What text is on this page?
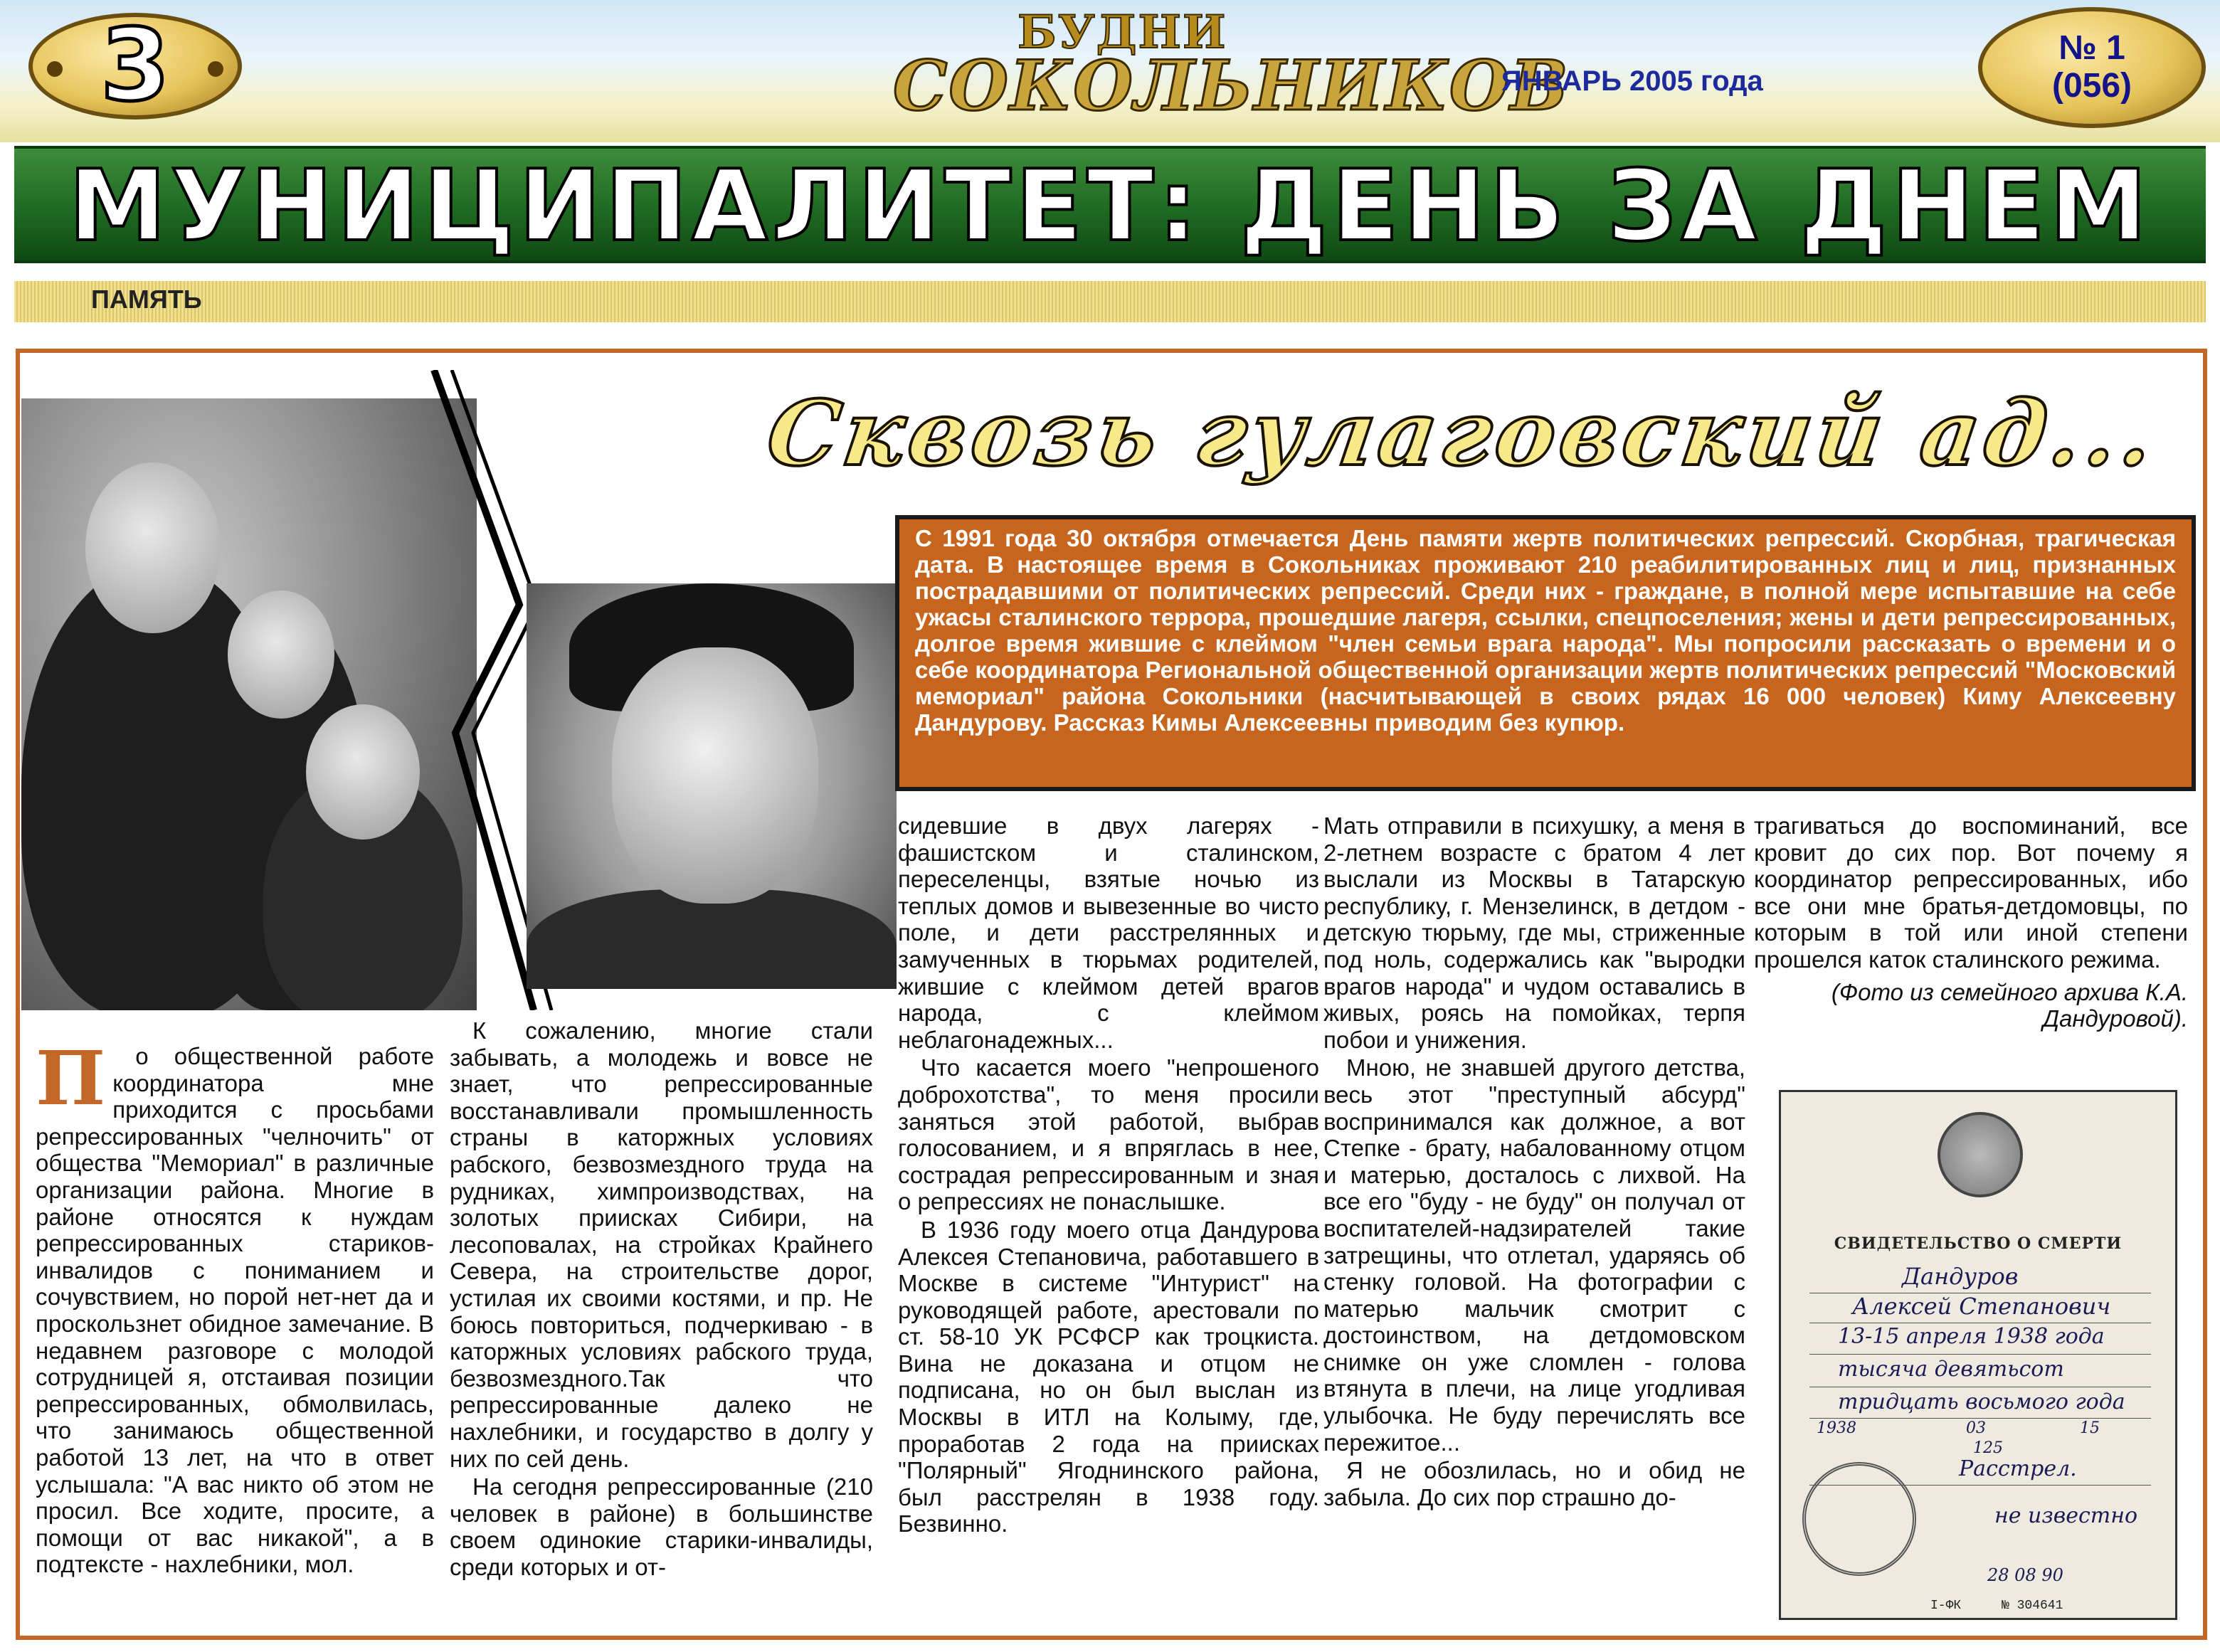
3	БУДНИ
СОКОЛЬНИКОВ
ЯНВАРЬ 2005 года
№ 1
(056)
МУНИЦИПАЛИТЕТ: ДЕНЬ ЗА ДНЕМ
ПАМЯТЬ
Сквозь гулаговский ад...
С 1991 года 30 октября отмечается День памяти жертв политических репрессий. Скорбная, трагическая дата. В настоящее время в Сокольниках проживают 210 реабилитированных лиц и лиц, признанных пострадавшими от политических репрессий. Среди них - граждане, в полной мере испытавшие на себе ужасы сталинского террора, прошедшие лагеря, ссылки, спецпоселения; жены и дети репрессированных, долгое время жившие с клеймом "член семьи врага народа". Мы попросили рассказать о времени и о себе координатора Региональной общественной организации жертв политических репрессий "Московский мемориал" района Сокольники (насчитывающей в своих рядах 16 000 человек) Киму Алексеевну Дандурову. Рассказ Кимы Алексеевны приводим без купюр.
П	о общественной работе координатора мне приходится с просьбами репрессированных "челночить" от общества "Мемориал" в различные организации района. Многие в районе относятся к нуждам репрессированных стариков-инвалидов с пониманием и сочувствием, но порой нет-нет да и проскользнет обидное замечание. В недавнем разговоре с молодой сотрудницей я, отстаивая позиции репрессированных, обмолвилась, что занимаюсь общественной работой 13 лет, на что в ответ услышала: "А вас никто об этом не просил. Все ходите, просите, а помощи от вас никакой", а в подтексте - нахлебники, мол.

К сожалению, многие стали забывать, а молодежь и вовсе не знает, что репрессированные восстанавливали промышленность страны в каторжных условиях рабского, безвозмездного труда на рудниках, химпроизводствах, на золотых приисках Сибири, на лесоповалах, на стройках Крайнего Севера, на строительстве дорог, устилая их своими костями, и пр. Не боюсь повториться, подчеркиваю - в каторжных условиях рабского труда, безвозмездного.Так что репрессированные далеко не нахлебники, и государство в долгу у них по сей день.

На сегодня репрессированные (210 человек в районе) в большинстве своем одинокие старики-инвалиды, среди которых и от-

сидевшие в двух лагерях - фашистском и сталинском, переселенцы, взятые ночью из теплых домов и вывезенные во чисто поле, и дети расстрелянных и замученных в тюрьмах родителей, жившие с клеймом детей врагов народа, с клеймом неблагонадежных...

Что касается моего "непрошеного доброхотства", то меня просили заняться этой работой, выбрав голосованием, и я впряглась в нее, сострадая репрессированным и зная о репрессиях не понаслышке.

В 1936 году моего отца Дандурова Алексея Степановича, работавшего в Москве в системе "Интурист" на руководящей работе, арестовали по ст. 58-10 УК РСФСР как троцкиста. Вина не доказана и отцом не подписана, но он был выслан из Москвы в ИТЛ на Колыму, где, проработав 2 года на приисках "Полярный" Ягоднинского района, был расстрелян в 1938 году. Безвинно.

Мать отправили в психушку, а меня в 2-летнем возрасте с братом 4 лет выслали из Москвы в Татарскую республику, г. Мензелинск, в детдом - детскую тюрьму, где мы, стриженные под ноль, содержались как "выродки врагов народа" и чудом оставались в живых, роясь на помойках, терпя побои и унижения.

Мною, не знавшей другого детства, весь этот "преступный абсурд" воспринимался как должное, а вот Степке - брату, набалованному отцом и матерью, досталось с лихвой. На все его "буду - не буду" он получал от воспитателей-надзирателей такие затрещины, что отлетал, ударяясь об стенку головой. На фотографии с матерью мальчик смотрит с достоинством, на детдомовском снимке он уже сломлен - голова втянута в плечи, на лице угодливая улыбочка. Не буду перечислять все пережитое...

Я не обозлилась, но и обид не забыла. До сих пор страшно до-

трагиваться до воспоминаний, все кровит до сих пор. Вот почему я координатор репрессированных, ибо все они мне братья-детдомовцы, по которым в той или иной степени прошелся каток сталинского режима.

(Фото из семейного архива К.А. Дандуровой).

СВИДЕТЕЛЬСТВО О СМЕРТИ
Дандуров
Алексей Степанович
13-15 апреля 1938 года
тысяча девятьсот
тридцать восьмого года
1938	03	15
125
Расстрел.
не известно
28 08 90
I-ФК	№ 304641
